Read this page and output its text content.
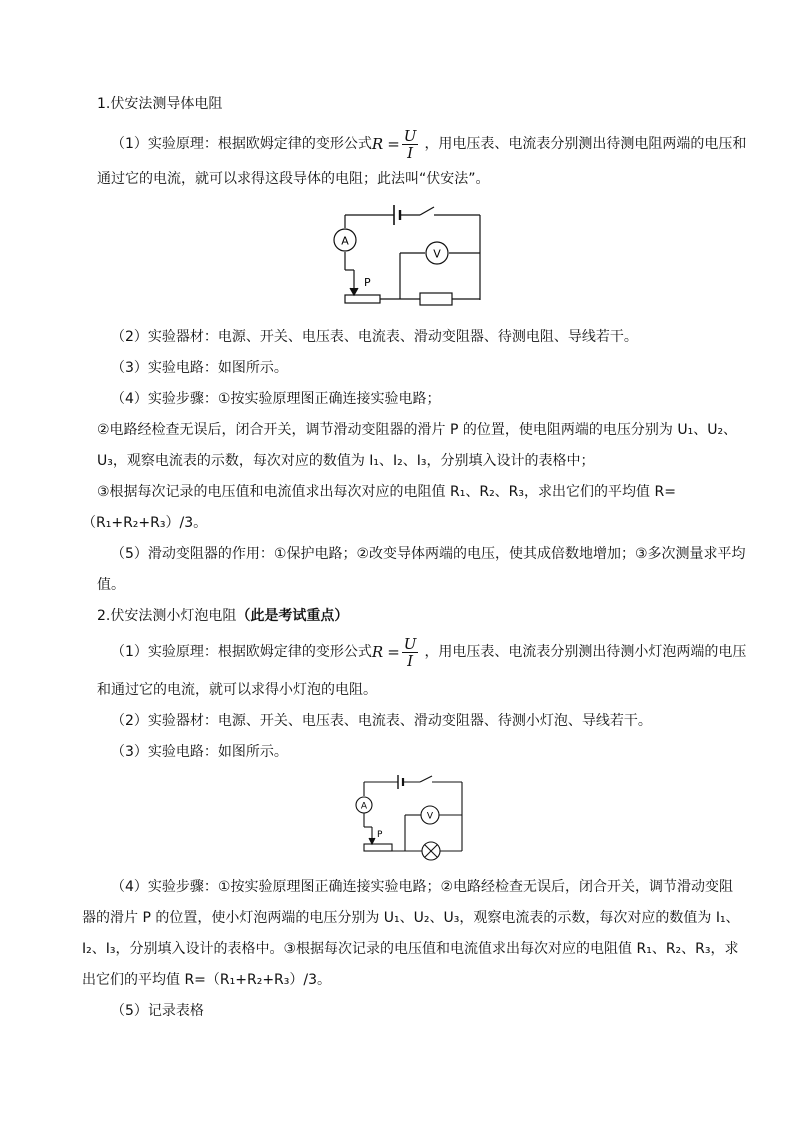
1.伏安法测导体电阻
（1）实验原理：根据欧姆定律的变形公式 $R = \frac{U}{I}$ ，用电压表、电流表分别测出待测电阻两端的电压和
通过它的电流，就可以求得这段导体的电阻；此法叫“伏安法”。
A
V
P
（2）实验器材：电源、开关、电压表、电流表、滑动变阻器、待测电阻、导线若干。
（3）实验电路：如图所示。
（4）实验步骤：①按实验原理图正确连接实验电路；
②电路经检查无误后，闭合开关，调节滑动变阻器的滑片 P 的位置，使电阻两端的电压分别为 U₁、U₂、
U₃，观察电流表的示数，每次对应的数值为 I₁、I₂、I₃，分别填入设计的表格中；
③根据每次记录的电压值和电流值求出每次对应的电阻值 R₁、R₂、R₃，求出它们的平均值 R=
（R₁+R₂+R₃）/3。
（5）滑动变阻器的作用：①保护电路；②改变导体两端的电压，使其成倍数地增加；③多次测量求平均
值。
2.伏安法测小灯泡电阻（此是考试重点）
（1）实验原理：根据欧姆定律的变形公式 $R = \frac{U}{I}$ ，用电压表、电流表分别测出待测小灯泡两端的电压
和通过它的电流，就可以求得小灯泡的电阻。
（2）实验器材：电源、开关、电压表、电流表、滑动变阻器、待测小灯泡、导线若干。
（3）实验电路：如图所示。
A
V
P
（4）实验步骤：①按实验原理图正确连接实验电路；②电路经检查无误后，闭合开关，调节滑动变阻
器的滑片 P 的位置，使小灯泡两端的电压分别为 U₁、U₂、U₃，观察电流表的示数，每次对应的数值为 I₁、
I₂、I₃，分别填入设计的表格中。③根据每次记录的电压值和电流值求出每次对应的电阻值 R₁、R₂、R₃，求
出它们的平均值 R=（R₁+R₂+R₃）/3。
（5）记录表格
